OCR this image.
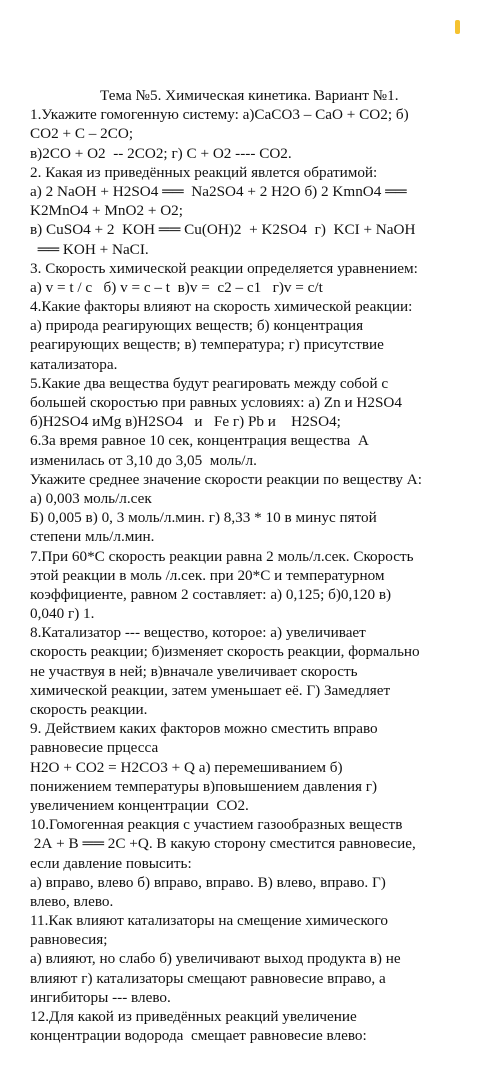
Тема №5. Химическая кинетика. Вариант №1.
1.Укажите гомогенную систему: а)СаСО3 – СаО + СО2; б)
СО2 + С – 2СО;
в)2СО + О2  -- 2СО2; г) С + О2 ---- СО2.
2. Какая из приведённых реакций явлется обратимой:
а) 2 NaOH + H2SO4 ══  Na2SO4 + 2 H2O б) 2 KmnO4 ══
K2MnO4 + MnO2 + O2;
в) CuSO4 + 2  KOH ══ Cu(OH)2  + K2SO4  г)  KCI + NaOH
══ KOH + NaCI.
3. Скорость химической реакции определяется уравнением:
а) v = t / c   б) v = c – t  в)v =  c2 – c1   г)v = c/t
4.Какие факторы влияют на скорость химической реакции:
а) природа реагирующих веществ; б) концентрация
реагирующих веществ; в) температура; г) присутствие
катализатора.
5.Какие два вещества будут реагировать между собой с
большей скоростью при равных условиях: а) Zn и H2SO4
б)H2SO4 иMg в)H2SO4   и   Fe г) Pb и    H2SO4;
6.За время равное 10 сек, концентрация вещества  А
изменилась от 3,10 до 3,05  моль/л.
Укажите среднее значение скорости реакции по веществу А:
а) 0,003 моль/л.сек
Б) 0,005 в) 0, 3 моль/л.мин. г) 8,33 * 10 в минус пятой
степени мль/л.мин.
7.При 60*С скорость реакции равна 2 моль/л.сек. Скорость
этой реакции в моль /л.сек. при 20*С и температурном
коэффициенте, равном 2 составляет: а) 0,125; б)0,120 в)
0,040 г) 1.
8.Катализатор --- вещество, которое: а) увеличивает
скорость реакции; б)изменяет скорость реакции, формально
не участвуя в ней; в)вначале увеличивает скорость
химической реакции, затем уменьшает её. Г) Замедляет
скорость реакции.
9. Действием каких факторов можно сместить вправо
равновесие прцесса
Н2О + СО2 = Н2СО3 + Q а) перемешиванием б)
понижением температуры в)повышением давления г)
увеличением концентрации  СО2.
10.Гомогенная реакция с участием газообразных веществ
2А + В ══ 2С +Q. В какую сторону сместится равновесие,
если давление повысить:
а) вправо, влево б) вправо, вправо. В) влево, вправо. Г)
влево, влево.
11.Как влияют катализаторы на смещение химического
равновесия;
а) влияют, но слабо б) увеличивают выход продукта в) не
влияют г) катализаторы смещают равновесие вправо, а
ингибиторы --- влево.
12.Для какой из приведённых реакций увеличение
концентрации водорода  смещает равновесие влево:
